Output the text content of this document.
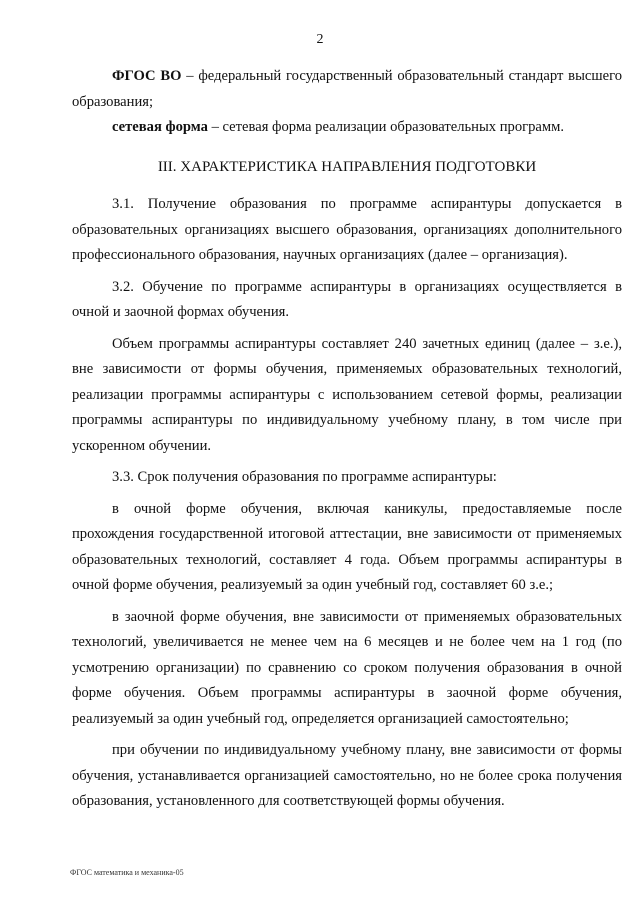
2

ФГОС ВО – федеральный государственный образовательный стандарт высшего образования;

сетевая форма – сетевая форма реализации образовательных программ.

III. ХАРАКТЕРИСТИКА НАПРАВЛЕНИЯ ПОДГОТОВКИ

3.1. Получение образования по программе аспирантуры допускается в образовательных организациях высшего образования, организациях дополнительного профессионального образования, научных организациях (далее – организация).

3.2. Обучение по программе аспирантуры в организациях осуществляется в очной и заочной формах обучения.

Объем программы аспирантуры составляет 240 зачетных единиц (далее – з.е.), вне зависимости от формы обучения, применяемых образовательных технологий, реализации программы аспирантуры с использованием сетевой формы, реализации программы аспирантуры по индивидуальному учебному плану, в том числе при ускоренном обучении.

3.3. Срок получения образования по программе аспирантуры:

в очной форме обучения, включая каникулы, предоставляемые после прохождения государственной итоговой аттестации, вне зависимости от применяемых образовательных технологий, составляет 4 года. Объем программы аспирантуры в очной форме обучения, реализуемый за один учебный год, составляет 60 з.е.;

в заочной форме обучения, вне зависимости от применяемых образовательных технологий, увеличивается не менее чем на 6 месяцев и не более чем на 1 год (по усмотрению организации) по сравнению со сроком получения образования в очной форме обучения. Объем программы аспирантуры в заочной форме обучения, реализуемый за один учебный год, определяется организацией самостоятельно;

при обучении по индивидуальному учебному плану, вне зависимости от формы обучения, устанавливается организацией самостоятельно, но не более срока получения образования, установленного для соответствующей формы обучения.

ФГОС математика и механика-05
